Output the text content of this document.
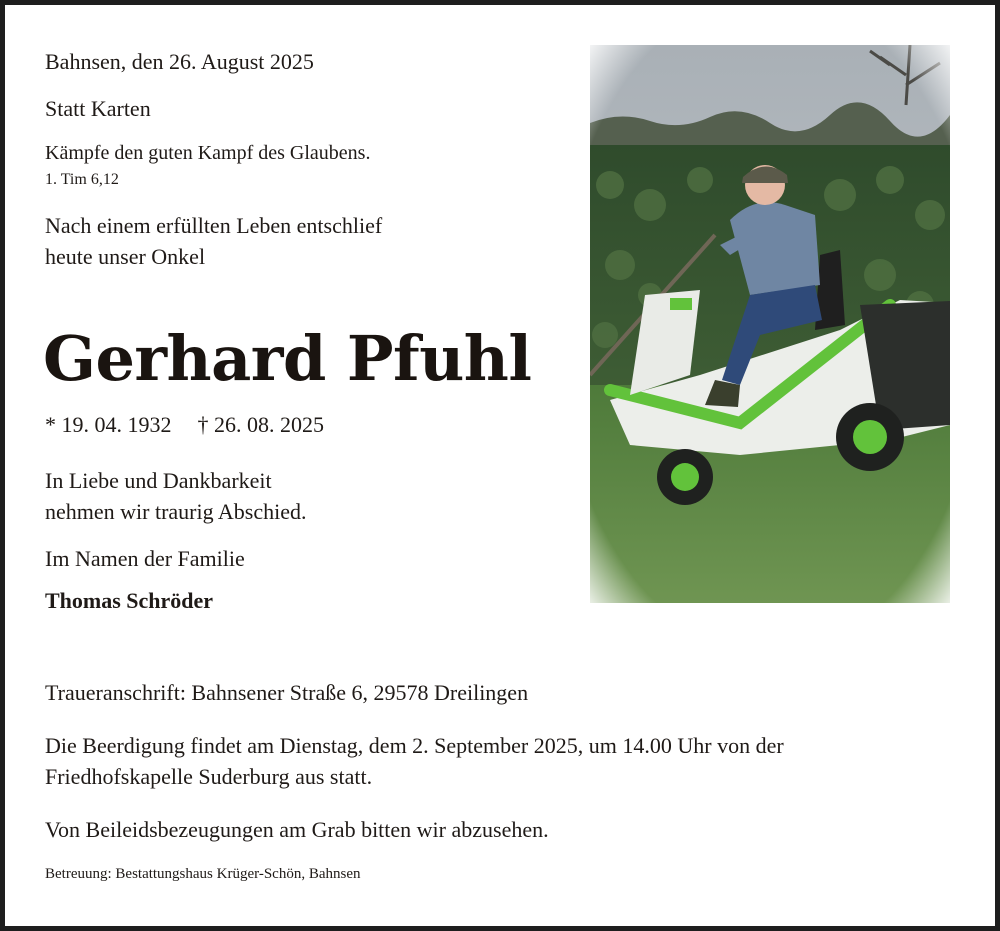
Bahnsen, den 26. August 2025

Statt Karten

Kämpfe den guten Kampf des Glaubens.

1. Tim 6,12

Nach einem erfüllten Leben entschlief

heute unser Onkel

Gerhard Pfuhl

* 19. 04. 1932 † 26. 08. 2025

In Liebe und Dankbarkeit

nehmen wir traurig Abschied.

Im Namen der Familie

Thomas Schröder

Traueranschrift: Bahnsener Straße 6, 29578 Dreilingen

Die Beerdigung findet am Dienstag, dem 2. September 2025, um 14.00 Uhr von der

Friedhofskapelle Suderburg aus statt.

Von Beileidsbezeugungen am Grab bitten wir abzusehen.

Betreuung: Bestattungshaus Krüger-Schön, Bahnsen
